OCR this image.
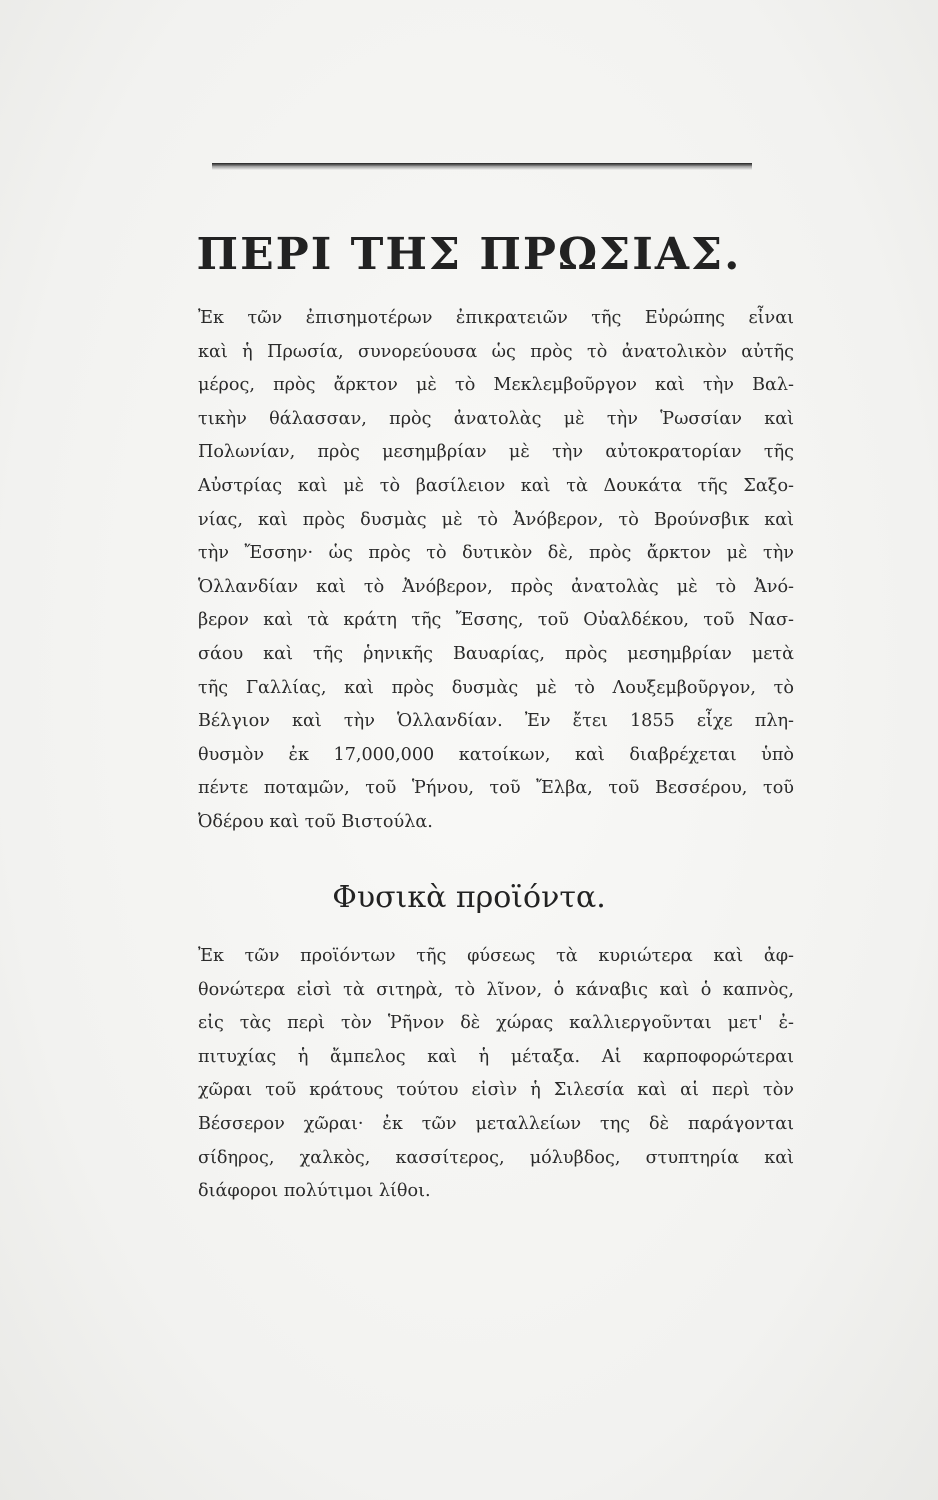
ΠΕΡΙ ΤΗΣ ΠΡΩΣΙΑΣ.
Ἐκ τῶν ἐπισημοτέρων ἐπικρατειῶν τῆς Εὐρώπης εἶναι
καὶ ἡ Πρωσία, συνορεύουσα ὡς πρὸς τὸ ἀνατολικὸν αὐτῆς
μέρος, πρὸς ἄρκτον μὲ τὸ Μεκλεμβοῦργον καὶ τὴν Βαλ-
τικὴν θάλασσαν, πρὸς ἀνατολὰς μὲ τὴν Ῥωσσίαν καὶ
Πολωνίαν, πρὸς μεσημβρίαν μὲ τὴν αὐτοκρατορίαν τῆς
Αὐστρίας καὶ μὲ τὸ βασίλειον καὶ τὰ Δουκάτα τῆς Σαξο-
νίας, καὶ πρὸς δυσμὰς μὲ τὸ Ἀνόβερον, τὸ Βρούνσβικ καὶ
τὴν Ἔσσην· ὡς πρὸς τὸ δυτικὸν δὲ, πρὸς ἄρκτον μὲ τὴν
Ὁλλανδίαν καὶ τὸ Ἀνόβερον, πρὸς ἀνατολὰς μὲ τὸ Ἀνό-
βερον καὶ τὰ κράτη τῆς Ἔσσης, τοῦ Οὐαλδέκου, τοῦ Νασ-
σάου καὶ τῆς ῥηνικῆς Βαυαρίας, πρὸς μεσημβρίαν μετὰ
τῆς Γαλλίας, καὶ πρὸς δυσμὰς μὲ τὸ Λουξεμβοῦργον, τὸ
Βέλγιον καὶ τὴν Ὁλλανδίαν. Ἐν ἔτει 1855 εἶχε πλη-
θυσμὸν ἐκ 17,000,000 κατοίκων, καὶ διαβρέχεται ὑπὸ
πέντε ποταμῶν, τοῦ Ῥήνου, τοῦ Ἔλβα, τοῦ Βεσσέρου, τοῦ
Ὀδέρου καὶ τοῦ Βιστούλα.
Φυσικὰ προϊόντα.
Ἐκ τῶν προϊόντων τῆς φύσεως τὰ κυριώτερα καὶ ἀφ-
θονώτερα εἰσὶ τὰ σιτηρὰ, τὸ λῖνον, ὁ κάναβις καὶ ὁ καπνὸς,
εἰς τὰς περὶ τὸν Ῥῆνον δὲ χώρας καλλιεργοῦνται μετ' ἐ-
πιτυχίας ἡ ἄμπελος καὶ ἡ μέταξα. Αἱ καρποφορώτεραι
χῶραι τοῦ κράτους τούτου εἰσὶν ἡ Σιλεσία καὶ αἱ περὶ τὸν
Βέσσερον χῶραι· ἐκ τῶν μεταλλείων της δὲ παράγονται
σίδηρος, χαλκὸς, κασσίτερος, μόλυβδος, στυπτηρία καὶ
διάφοροι πολύτιμοι λίθοι.
